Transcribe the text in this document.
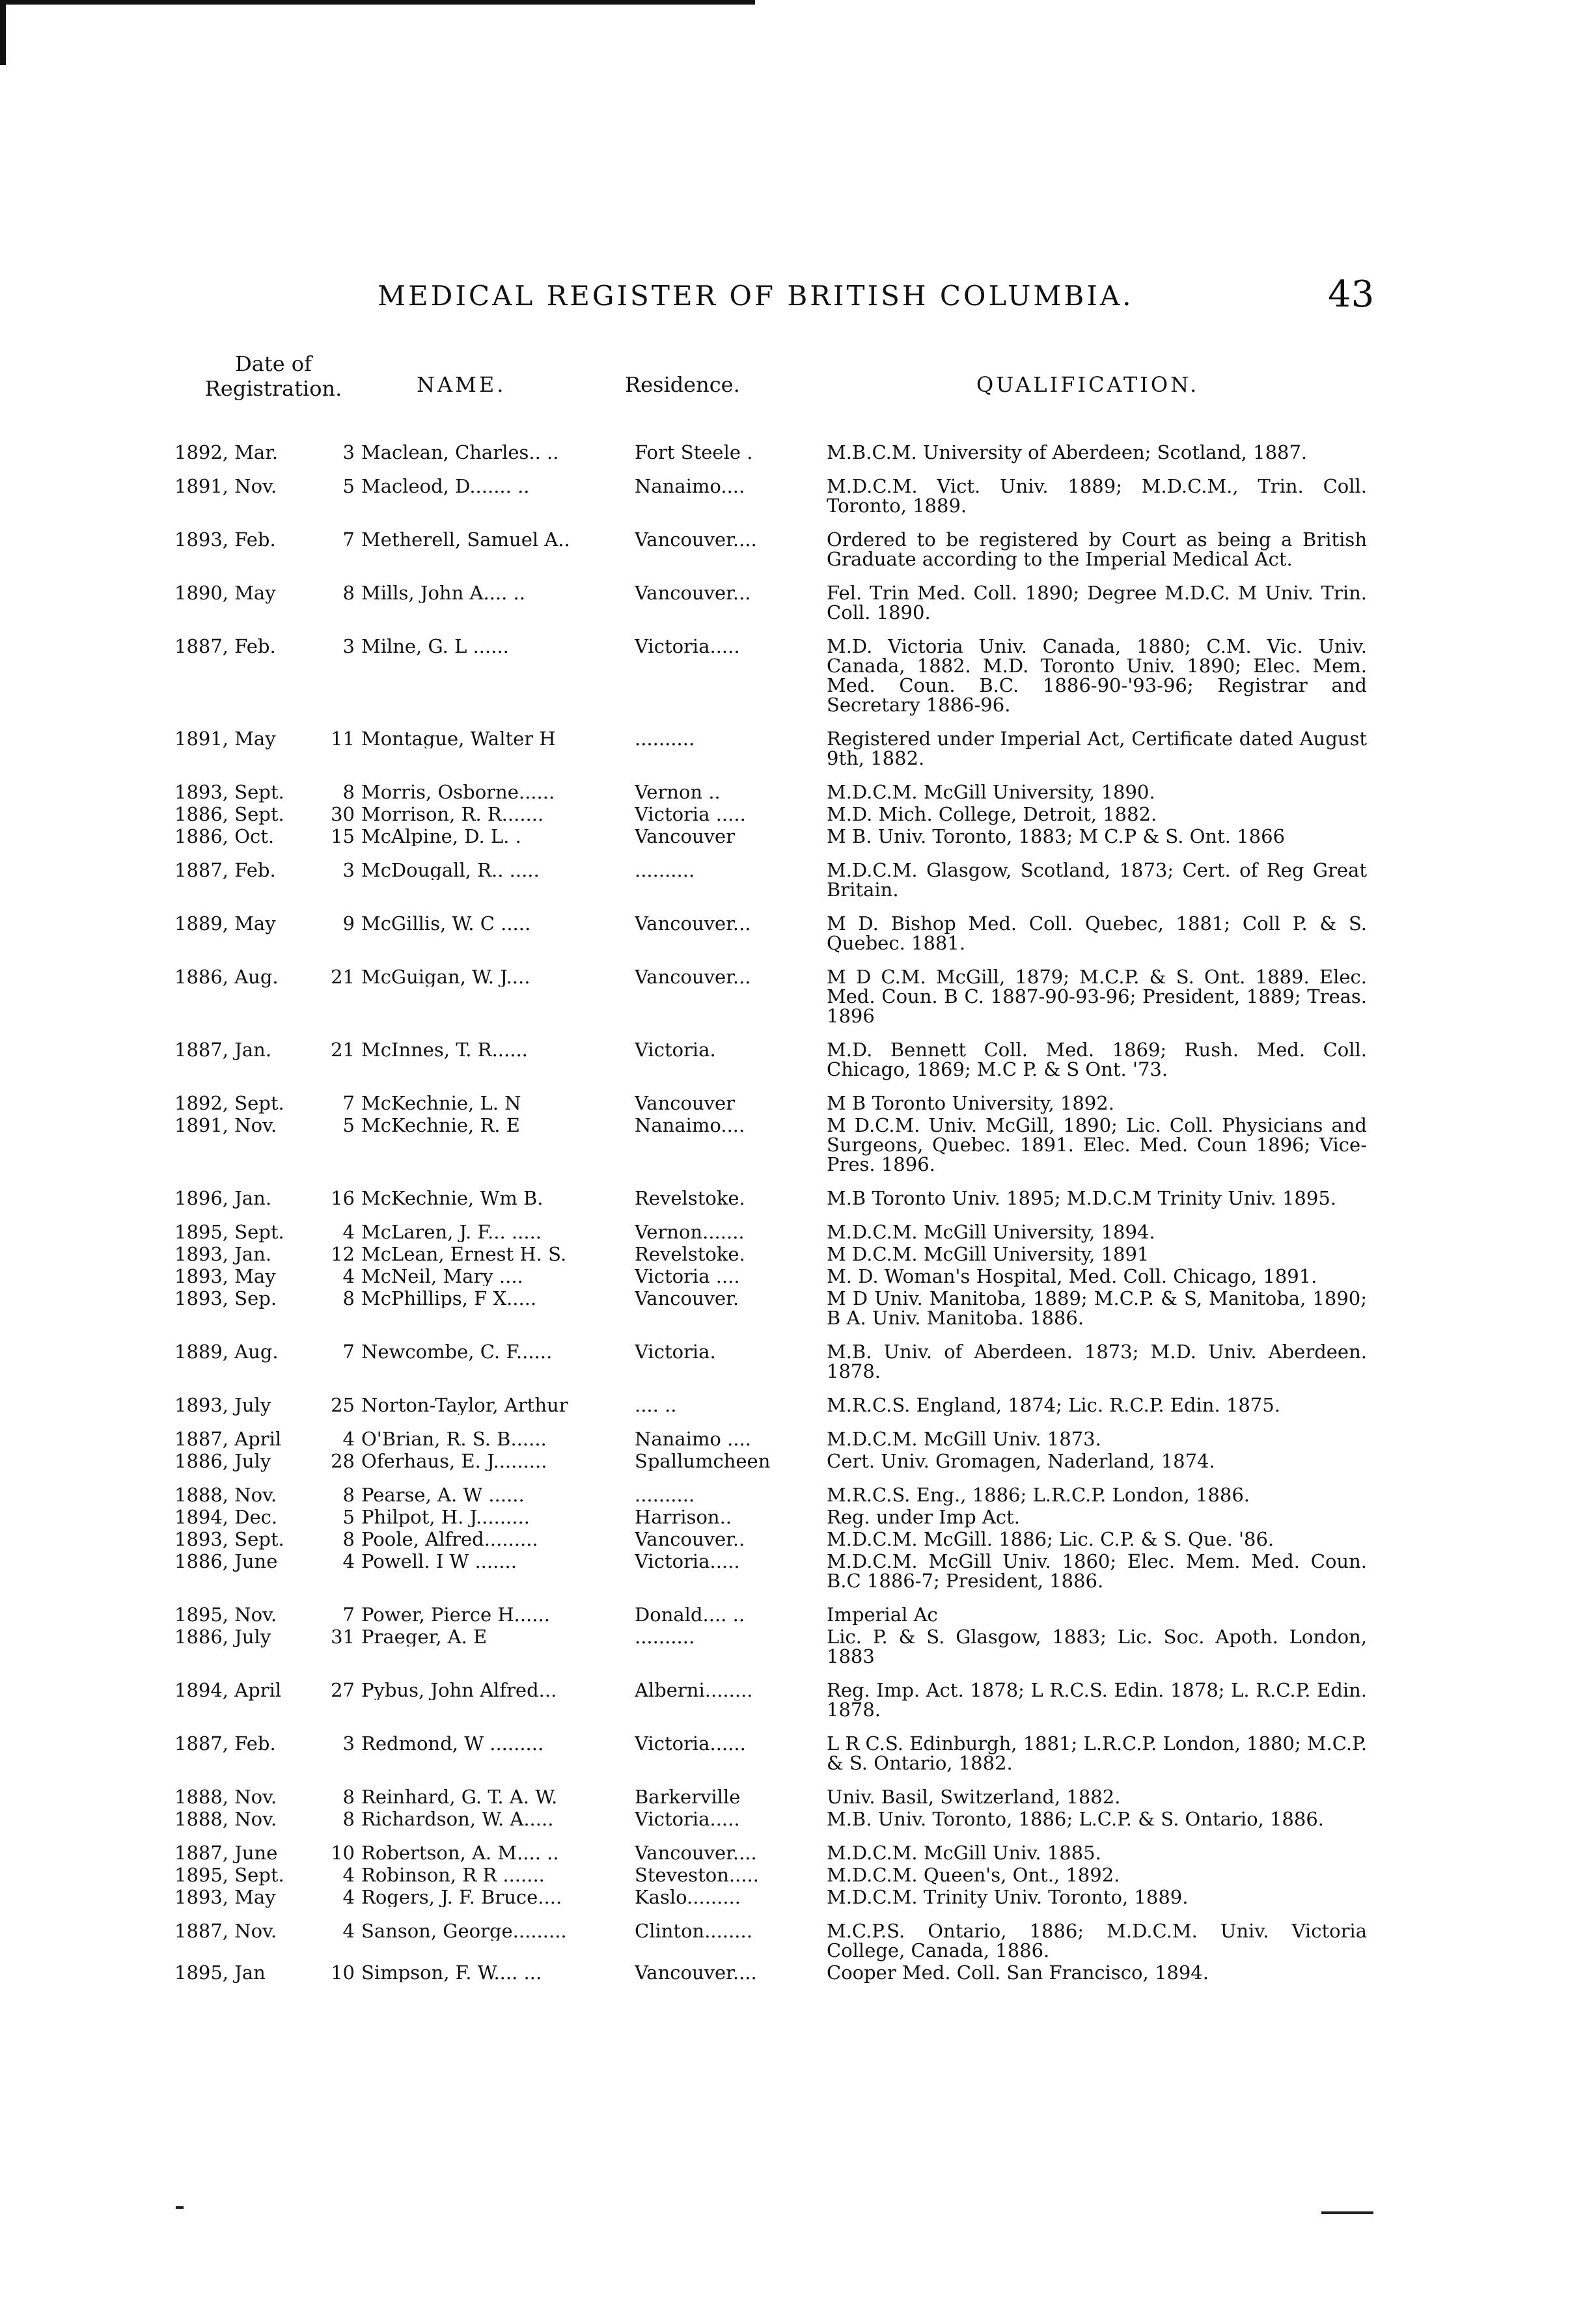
MEDICAL REGISTER OF BRITISH COLUMBIA.	43
Date of Registration.	NAME.	Residence.	QUALIFICATION.
1892, Mar.	3 Maclean, Charles.. ..	Fort Steele .	M.B.C.M. University of Aberdeen; Scotland, 1887.
1891, Nov.	5 Macleod, D....... ..	Nanaimo....	M.D.C.M. Vict. Univ. 1889; M.D.C.M., Trin. Coll. Toronto, 1889.
1893, Feb.	7 Metherell, Samuel A..	Vancouver....	Ordered to be registered by Court as being a British Graduate according to the Imperial Medical Act.
1890, May	8 Mills, John A.... ..	Vancouver...	Fel. Trin Med. Coll. 1890; Degree M.D.C. M Univ. Trin. Coll. 1890.
1887, Feb.	3 Milne, G. L ......	Victoria.....	M.D. Victoria Univ. Canada, 1880; C.M. Vic. Univ. Canada, 1882. M.D. Toronto Univ. 1890; Elec. Mem. Med. Coun. B.C. 1886-90-'93-96; Registrar and Secretary 1886-96.
1891, May	11 Montague, Walter H	..........	Registered under Imperial Act, Certificate dated August 9th, 1882.
1893, Sept.	8 Morris, Osborne......	Vernon ..	M.D.C.M. McGill University, 1890.
1886, Sept.	30 Morrison, R. R.......	Victoria .....	M.D. Mich. College, Detroit, 1882.
1886, Oct.	15 McAlpine, D. L. .	Vancouver	M B. Univ. Toronto, 1883; M C.P & S. Ont. 1866
1887, Feb.	3 McDougall, R.. .....	..........	M.D.C.M. Glasgow, Scotland, 1873; Cert. of Reg Great Britain.
1889, May	9 McGillis, W. C .....	Vancouver...	M D. Bishop Med. Coll. Quebec, 1881; Coll P. & S. Quebec. 1881.
1886, Aug.	21 McGuigan, W. J....	Vancouver...	M D C.M. McGill, 1879; M.C.P. & S. Ont. 1889. Elec. Med. Coun. B C. 1887-90-93-96; President, 1889; Treas. 1896
1887, Jan.	21 McInnes, T. R......	Victoria.	M.D. Bennett Coll. Med. 1869; Rush. Med. Coll. Chicago, 1869; M.C P. & S Ont. '73.
1892, Sept.	7 McKechnie, L. N	Vancouver	M B Toronto University, 1892.
1891, Nov.	5 McKechnie, R. E	Nanaimo....	M D.C.M. Univ. McGill, 1890; Lic. Coll. Physicians and Surgeons, Quebec. 1891. Elec. Med. Coun 1896; Vice-Pres. 1896.
1896, Jan.	16 McKechnie, Wm B.	Revelstoke.	M.B Toronto Univ. 1895; M.D.C.M Trinity Univ. 1895.
1895, Sept.	4 McLaren, J. F... .....	Vernon.......	M.D.C.M. McGill University, 1894.
1893, Jan.	12 McLean, Ernest H. S.	Revelstoke.	M D.C.M. McGill University, 1891
1893, May	4 McNeil, Mary ....	Victoria ....	M. D. Woman's Hospital, Med. Coll. Chicago, 1891.
1893, Sep.	8 McPhillips, F X.....	Vancouver.	M D Univ. Manitoba, 1889; M.C.P. & S, Manitoba, 1890; B A. Univ. Manitoba. 1886.
1889, Aug.	7 Newcombe, C. F......	Victoria.	M.B. Univ. of Aberdeen. 1873; M.D. Univ. Aberdeen. 1878.
1893, July	25 Norton-Taylor, Arthur	.... ..	M.R.C.S. England, 1874; Lic. R.C.P. Edin. 1875.
1887, April	4 O'Brian, R. S. B......	Nanaimo ....	M.D.C.M. McGill Univ. 1873.
1886, July	28 Oferhaus, E. J.........	Spallumcheen	Cert. Univ. Gromagen, Naderland, 1874.
1888, Nov.	8 Pearse, A. W ......	..........	M.R.C.S. Eng., 1886; L.R.C.P. London, 1886.
1894, Dec.	5 Philpot, H. J.........	Harrison..	Reg. under Imp Act.
1893, Sept.	8 Poole, Alfred.........	Vancouver..	M.D.C.M. McGill. 1886; Lic. C.P. & S. Que. '86.
1886, June	4 Powell. I W .......	Victoria.....	M.D.C.M. McGill Univ. 1860; Elec. Mem. Med. Coun. B.C 1886-7; President, 1886.
1895, Nov.	7 Power, Pierce H......	Donald.... ..	Imperial Ac
1886, July	31 Praeger, A. E	..........	Lic. P. & S. Glasgow, 1883; Lic. Soc. Apoth. London, 1883
1894, April	27 Pybus, John Alfred...	Alberni........	Reg. Imp. Act. 1878; L R.C.S. Edin. 1878; L. R.C.P. Edin. 1878.
1887, Feb.	3 Redmond, W .........	Victoria......	L R C.S. Edinburgh, 1881; L.R.C.P. London, 1880; M.C.P. & S. Ontario, 1882.
1888, Nov.	8 Reinhard, G. T. A. W.	Barkerville	Univ. Basil, Switzerland, 1882.
1888, Nov.	8 Richardson, W. A.....	Victoria.....	M.B. Univ. Toronto, 1886; L.C.P. & S. Ontario, 1886.
1887, June	10 Robertson, A. M.... ..	Vancouver....	M.D.C.M. McGill Univ. 1885.
1895, Sept.	4 Robinson, R R .......	Steveston.....	M.D.C.M. Queen's, Ont., 1892.
1893, May	4 Rogers, J. F. Bruce....	Kaslo.........	M.D.C.M. Trinity Univ. Toronto, 1889.
1887, Nov.	4 Sanson, George.........	Clinton........	M.C.P.S. Ontario, 1886; M.D.C.M. Univ. Victoria College, Canada, 1886.
1895, Jan	10 Simpson, F. W.... ...	Vancouver....	Cooper Med. Coll. San Francisco, 1894.
